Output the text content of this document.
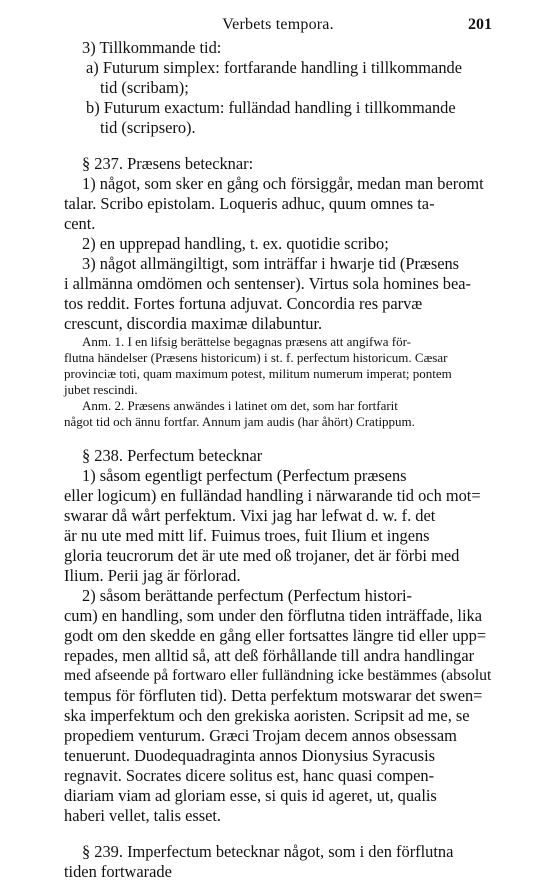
Verbets tempora.	201
3) Tillkommande tid:
a) Futurum simplex: fortfarande handling i tillkommande
tid (scribam);
b) Futurum exactum: fulländad handling i tillkommande
tid (scripsero).
§ 237. Præsens betecknar:
1) något, som sker en gång och försiggår, medan man beromt
talar. Scribo epistolam. Loqueris adhuc, quum omnes ta-
cent.
2) en upprepad handling, t. ex. quotidie scribo;
3) något allmängiltigt, som inträffar i hwarje tid (Præsens
i allmänna omdömen och sentenser). Virtus sola homines bea-
tos reddit. Fortes fortuna adjuvat. Concordia res parvæ
crescunt, discordia maximæ dilabuntur.
Anm. 1. I en lifsig berättelse begagnas præsens att angifwa för-
flutna händelser (Præsens historicum) i st. f. perfectum historicum. Cæsar
provinciæ toti, quam maximum potest, militum numerum imperat; pontem
jubet rescindi.
Anm. 2. Præsens anwändes i latinet om det, som har fortfarit
något tid och ännu fortfar. Annum jam audis (har åhört) Cratippum.
§ 238. Perfectum betecknar
1) såsom egentligt perfectum (Perfectum præsens
eller logicum) en fulländad handling i närwarande tid och mot=
swarar då wårt perfektum. Vixi jag har lefwat d. w. f. det
är nu ute med mitt lif. Fuimus troes, fuit Ilium et ingens
gloria teucrorum det är ute med oß trojaner, det är förbi med
Ilium. Perii jag är förlorad.
2) såsom berättande perfectum (Perfectum histori-
cum) en handling, som under den förflutna tiden inträffade, lika
godt om den skedde en gång eller fortsattes längre tid eller upp=
repades, men alltid så, att deß förhållande till andra handlingar
med afseende på fortwaro eller fulländning icke bestämmes (absolut
tempus för förfluten tid). Detta perfektum motswarar det swen=
ska imperfektum och den grekiska aoristen. Scripsit ad me, se
propediem venturum. Græci Trojam decem annos obsessam
tenuerunt. Duodequadraginta annos Dionysius Syracusis
regnavit. Socrates dicere solitus est, hanc quasi compen-
diariam viam ad gloriam esse, si quis id ageret, ut, qualis
haberi vellet, talis esset.
§ 239. Imperfectum betecknar något, som i den förflutna
tiden fortwarade
